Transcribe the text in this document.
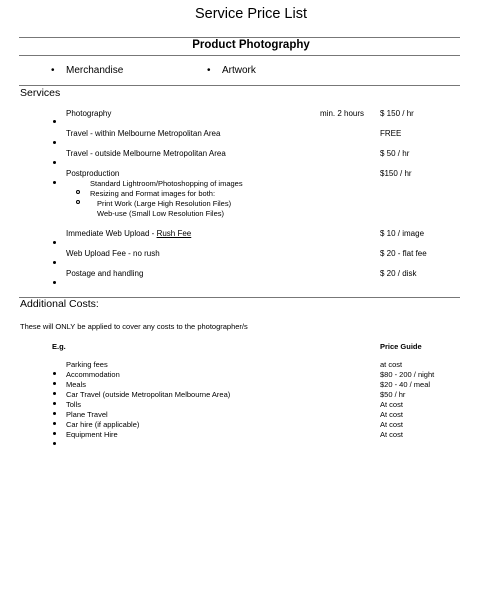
Service Price List
Product Photography
• Merchandise	• Artwork
Services
Photography	min. 2 hours $ 150 / hr
Travel - within Melbourne Metropolitan Area	FREE
Travel - outside Melbourne Metropolitan Area	$ 50 / hr
Postproduction	$150 / hr
Standard Lightroom/Photoshopping of images
Resizing and Format images for both:
Print Work (Large High Resolution Files)
Web-use (Small Low Resolution Files)
Immediate Web Upload - Rush Fee	$ 10 / image
Web Upload Fee - no rush	$ 20 - flat fee
Postage and handling	$ 20 / disk
Additional Costs:
These will ONLY be applied to cover any costs to the photographer/s
E.g.	Price Guide
Parking fees	at cost
Accommodation	$80 - 200 / night
Meals	$20 - 40 / meal
Car Travel (outside Metropolitan Melbourne Area)	$50 / hr
Tolls	At cost
Plane Travel	At cost
Car hire (if applicable)	At cost
Equipment Hire	At cost
